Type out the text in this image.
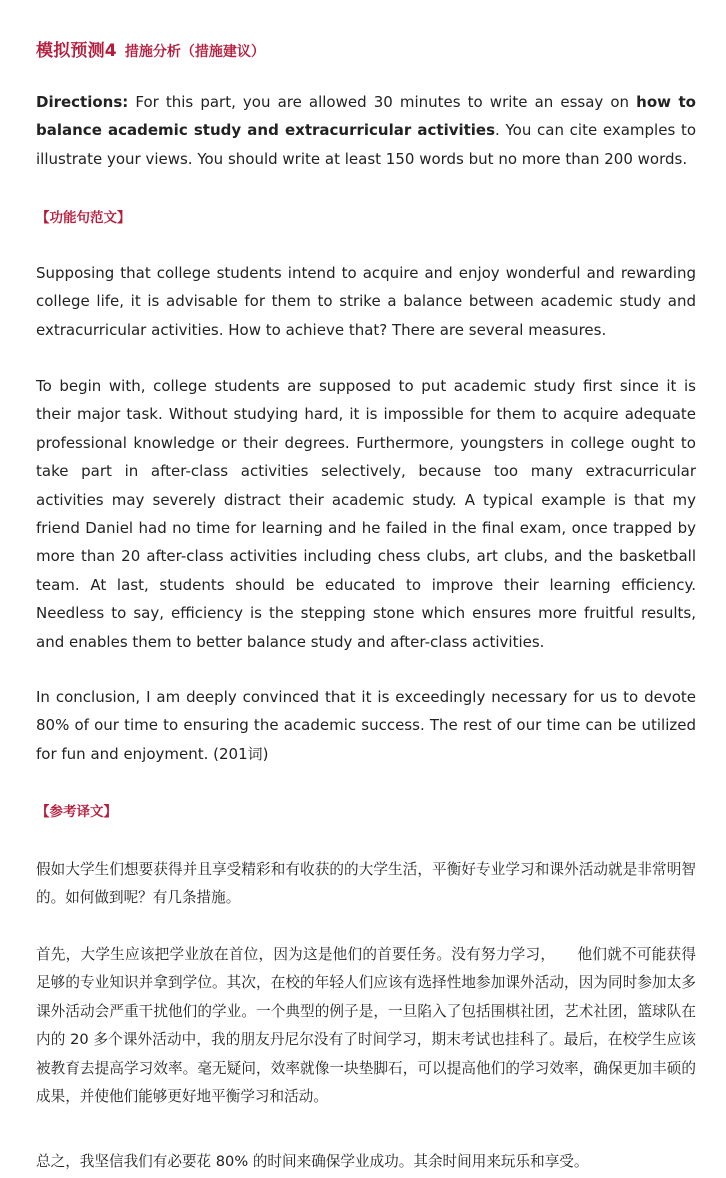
模拟预测4 措施分析（措施建议）
Directions: For this part, you are allowed 30 minutes to write an essay on how to balance academic study and extracurricular activities. You can cite examples to illustrate your views. You should write at least 150 words but no more than 200 words.
【功能句范文】
Supposing that college students intend to acquire and enjoy wonderful and rewarding college life, it is advisable for them to strike a balance between academic study and extracurricular activities. How to achieve that? There are several measures.
To begin with, college students are supposed to put academic study first since it is their major task. Without studying hard, it is impossible for them to acquire adequate professional knowledge or their degrees. Furthermore, youngsters in college ought to take part in after-class activities selectively, because too many extracurricular activities may severely distract their academic study. A typical example is that my friend Daniel had no time for learning and he failed in the final exam, once trapped by more than 20 after-class activities including chess clubs, art clubs, and the basketball team. At last, students should be educated to improve their learning efficiency. Needless to say, efficiency is the stepping stone which ensures more fruitful results, and enables them to better balance study and after-class activities.
In conclusion, I am deeply convinced that it is exceedingly necessary for us to devote 80% of our time to ensuring the academic success. The rest of our time can be utilized for fun and enjoyment. (201词)
【参考译文】
假如大学生们想要获得并且享受精彩和有收获的的大学生活，平衡好专业学习和课外活动就是非常明智的。如何做到呢？有几条措施。
首先，大学生应该把学业放在首位，因为这是他们的首要任务。没有努力学习，　　他们就不可能获得足够的专业知识并拿到学位。其次，在校的年轻人们应该有选择性地参加课外活动，因为同时参加太多课外活动会严重干扰他们的学业。一个典型的例子是，一旦陷入了包括围棋社团，艺术社团，篮球队在内的 20 多个课外活动中，我的朋友丹尼尔没有了时间学习，期末考试也挂科了。最后，在校学生应该被教育去提高学习效率。毫无疑问，效率就像一块垫脚石，可以提高他们的学习效率，确保更加丰硕的成果，并使他们能够更好地平衡学习和活动。
总之，我坚信我们有必要花 80% 的时间来确保学业成功。其余时间用来玩乐和享受。
